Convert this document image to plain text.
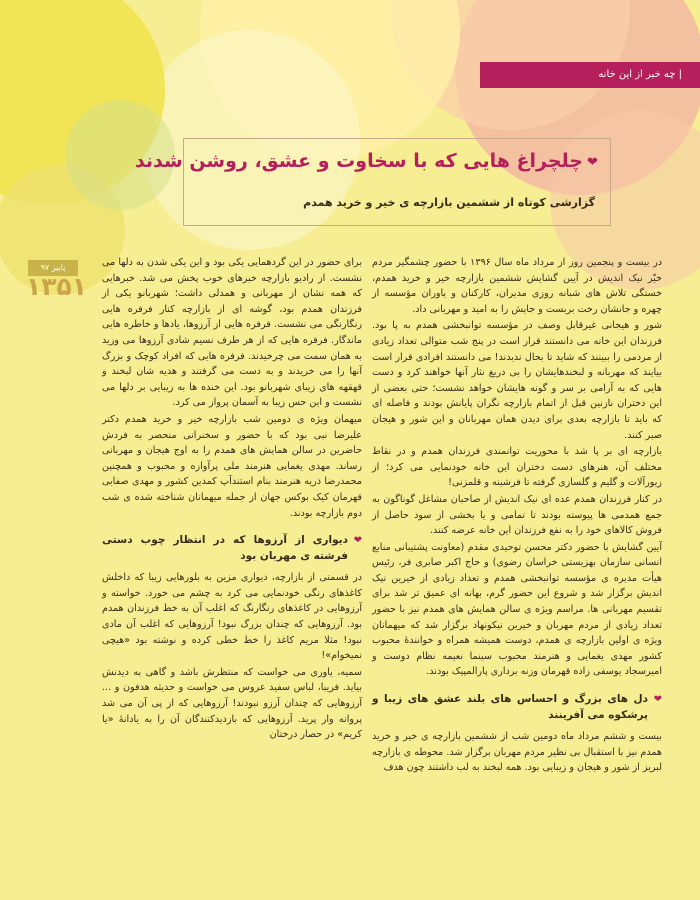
| چه خبر از این خانه
❤
چلچراغ هایی که با سخاوت و عشق، روشن شدند
گزارشی کوتاه از ششمین بازارچه ی خیر و خرید همدم
پاییز ۹۷
۱۳۵۱

در بیست و پنجمین روز از مرداد ماه سال ۱۳۹۶ با حضور چشمگیر مردم خیّر نیک اندیش در آیین گشایش ششمین بازارچه خیر و خرید همدم، خستگی تلاش های شبانه روزی مدیران، کارکنان و یاوران مؤسسه از چهره و جانشان رخت بربست و جایش را به امید و مهربانی داد.

شور و هیجانی غیرقابل وصف در مؤسسه توانبخشی همدم به پا بود. فرزندان این خانه می دانستند قرار است در پنج شب متوالی تعداد زیادی از مردمی را ببینند که شاید تا بحال ندیدند! می دانستند افرادی قرار است بیایند که مهربانه و لبخندهایشان را بی دریغ نثار آنها خواهند کرد و دست هایی که به آرامی بر سر و گونه هایشان خواهد نشست؛ حتی بعضی از این دختران نازنین قبل از اتمام بازارچه نگران پایانش بودند و فاصله ای که باید تا بازارچه بعدی برای دیدن همان مهربانان و این شور و هیجان صبر کنند.

بازارچه ای بر پا شد با محوریت توانمندی فرزندان همدم و در نقاط مختلف آن، هنرهای دست دختران این خانه خودنمایی می کرد؛ از زیورآلات و گلیم و گلسازی گرفته تا فرشینه و قلمزنی!

در کنار فرزندان همدم عده ای نیک اندیش از صاحبان مشاغل گوناگون به جمع همدمی ها پیوسته بودند تا تمامی و یا بخشی از سود حاصل از فروش کالاهای خود را به نفع فرزندان این خانه عرضه کنند.

آیین گشایش با حضور دکتر محسن توحیدی مقدم (معاونت پشتیبانی منابع انسانی سازمان بهزیستی خراسان رضوی) و حاج اکبر صابری فر، رئیس هیأت مدیره ی مؤسسه توانبخشی همدم و تعداد زیادی از خیرین نیک اندیش برگزار شد و شروع این حضور گرم، بهانه ای عمیق تر شد برای تقسیم مهربانی ها. مراسم ویژه ی سالن همایش های همدم نیز با حضور تعداد زیادی از مردم مهربان و خیرین نیکونهاد برگزار شد که میهمانان ویژه ی اولین بازارچه ی همدم، دوست همیشه همراه و خوانندهٔ محبوب کشور مهدی یغمایی و هنرمند محبوب سینما نعیمه نظام دوست و امیرسجاد یوسفی زاده قهرمان وزنه برداری پارالمپیک بودند.

❤
دل های بزرگ و احساس های بلند عشق های زیبا و پرشکوه می آفرینند

بیست و ششم مرداد ماه دومین شب از ششمین بازارچه ی خیر و خرید همدم نیز با استقبال بی نظیر مردم مهربان برگزار شد. محوطه ی بازارچه لبریز از شور و هیجان و زیبایی بود. همه لبخند به لب داشتند چون هدف

برای حضور در این گردهمایی یکی بود و این یکی شدن به دلها می نشست. از رادیو بازارچه خبرهای خوب پخش می شد. خبرهایی که همه نشان از مهربانی و همدلی داشت؛ شهربانو یکی از فرزندان همدم بود، گوشه ای از بازارچه کنار فرفره هایی رنگارنگی می نشست. فرفره هایی از آرزوها، یادها و خاطره هایی ماندگار. فرفره هایی که از هر طرف نسیم شادی آرزوها می وزید به همان سمت می چرخیدند. فرفره هایی که افراد کوچک و بزرگ آنها را می خریدند و به دست می گرفتند و هدیه شان لبخند و قهقهه های زیبای شهربانو بود. این خنده ها به زیبایی بر دلها می نشست و این حس زیبا به آسمان پرواز می کرد.

میهمان ویژه ی دومین شب بازارچه خیر و خرید همدم دکتر علیرضا نبی بود که با حضور و سخنرانی منحصر به فردش حاضرین در سالن همایش های همدم را به اوج هیجان و مهربانی رساند. مهدی یغمایی هنرمند ملی پرآوازه و محبوب و همچنین محمدرضا ذریه هنرمند بنام استندآپ کمدین کشور و مهدی صفایی قهرمان کیک بوکس جهان از جمله میهمانان شناخته شده ی شب دوم بازارچه بودند.

❤
دیواری از آرزوها که در انتظار چوب دستی فرشته ی مهربان بود

در قسمتی از بازارچه، دیواری مزین به بلورهایی زیبا که داخلش کاغذهای رنگی خودنمایی می کرد به چشم می خورد. خواسته و آرزوهایی در کاغذهای رنگارنگ که اغلب آن به خط فرزندان همدم بود. آرزوهایی که چندان بزرگ نبود! آرزوهایی که اغلب آن مادی نبود! مثلا مریم کاغذ را خط خطی کرده و نوشته بود «هیچی نمیخوام»!

سمیه، یاوری می خواست که منتظرش باشد و گاهی به دیدنش بیاید. فریبا، لباس سفید عروس می خواست و حدیثه هدفون و ... آرزوهایی که چندان آرزو نبودند! آرزوهایی که از پی آن می شد پروانه وار پرید. آرزوهایی که بازدیدکنندگان آن را به یادانهٔ «یا کریم» در حصار درختان
